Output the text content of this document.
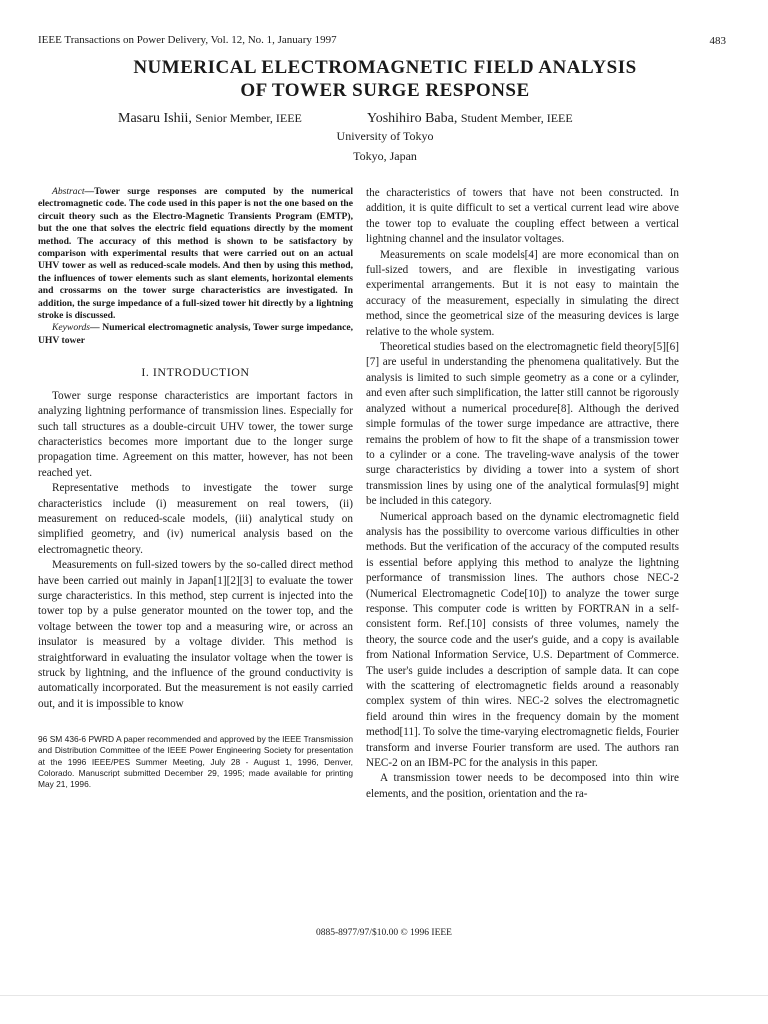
IEEE Transactions on Power Delivery, Vol. 12, No. 1, January 1997	483
NUMERICAL ELECTROMAGNETIC FIELD ANALYSIS
OF TOWER SURGE RESPONSE
Masaru Ishii, Senior Member, IEEE	Yoshihiro Baba, Student Member, IEEE
University of Tokyo
Tokyo, Japan

Abstract—Tower surge responses are computed by the numerical electromagnetic code. The code used in this paper is not the one based on the circuit theory such as the Electro-Magnetic Transients Program (EMTP), but the one that solves the electric field equations directly by the moment method. The accuracy of this method is shown to be satisfactory by comparison with experimental results that were carried out on an actual UHV tower as well as reduced-scale models. And then by using this method, the influences of tower elements such as slant elements, horizontal elements and crossarms on the tower surge characteristics are investigated. In addition, the surge impedance of a full-sized tower hit directly by a lightning stroke is discussed.

Keywords— Numerical electromagnetic analysis, Tower surge impedance, UHV tower

I. INTRODUCTION

Tower surge response characteristics are important factors in analyzing lightning performance of transmission lines. Especially for such tall structures as a double-circuit UHV tower, the tower surge characteristics becomes more important due to the longer surge propagation time. Agreement on this matter, however, has not been reached yet.

Representative methods to investigate the tower surge characteristics include (i) measurement on real towers, (ii) measurement on reduced-scale models, (iii) analytical study on simplified geometry, and (iv) numerical analysis based on the electromagnetic theory.

Measurements on full-sized towers by the so-called direct method have been carried out mainly in Japan[1][2][3] to evaluate the tower surge characteristics. In this method, step current is injected into the tower top by a pulse generator mounted on the tower top, and the voltage between the tower top and a measuring wire, or across an insulator is measured by a voltage divider. This method is straightforward in evaluating the insulator voltage when the tower is struck by lightning, and the influence of the ground conductivity is automatically incorporated. But the measurement is not easily carried out, and it is impossible to know

96 SM 436-6 PWRD A paper recommended and approved by the IEEE Transmission and Distribution Committee of the IEEE Power Engineering Society for presentation at the 1996 IEEE/PES Summer Meeting, July 28 - August 1, 1996, Denver, Colorado. Manuscript submitted December 29, 1995; made available for printing May 21, 1996.

the characteristics of towers that have not been constructed. In addition, it is quite difficult to set a vertical current lead wire above the tower top to evaluate the coupling effect between a vertical lightning channel and the insulator voltages.

Measurements on scale models[4] are more economical than on full-sized towers, and are flexible in investigating various experimental arrangements. But it is not easy to maintain the accuracy of the measurement, especially in simulating the direct method, since the geometrical size of the measuring devices is large relative to the whole system.

Theoretical studies based on the electromagnetic field theory[5][6][7] are useful in understanding the phenomena qualitatively. But the analysis is limited to such simple geometry as a cone or a cylinder, and even after such simplification, the latter still cannot be rigorously analyzed without a numerical procedure[8]. Although the derived simple formulas of the tower surge impedance are attractive, there remains the problem of how to fit the shape of a transmission tower to a cylinder or a cone. The traveling-wave analysis of the tower surge characteristics by dividing a tower into a system of short transmission lines by using one of the analytical formulas[9] might be included in this category.

Numerical approach based on the dynamic electromagnetic field analysis has the possibility to overcome various difficulties in other methods. But the verification of the accuracy of the computed results is essential before applying this method to analyze the lightning performance of transmission lines. The authors chose NEC-2 (Numerical Electromagnetic Code[10]) to analyze the tower surge response. This computer code is written by FORTRAN in a self-consistent form. Ref.[10] consists of three volumes, namely the theory, the source code and the user's guide, and a copy is available from National Information Service, U.S. Department of Commerce. The user's guide includes a description of sample data. It can cope with the scattering of electromagnetic fields around a reasonably complex system of thin wires. NEC-2 solves the electromagnetic field around thin wires in the frequency domain by the moment method[11]. To solve the time-varying electromagnetic fields, Fourier transform and inverse Fourier transform are used. The authors ran NEC-2 on an IBM-PC for the analysis in this paper.

A transmission tower needs to be decomposed into thin wire elements, and the position, orientation and the ra-

0885-8977/97/$10.00 © 1996 IEEE
